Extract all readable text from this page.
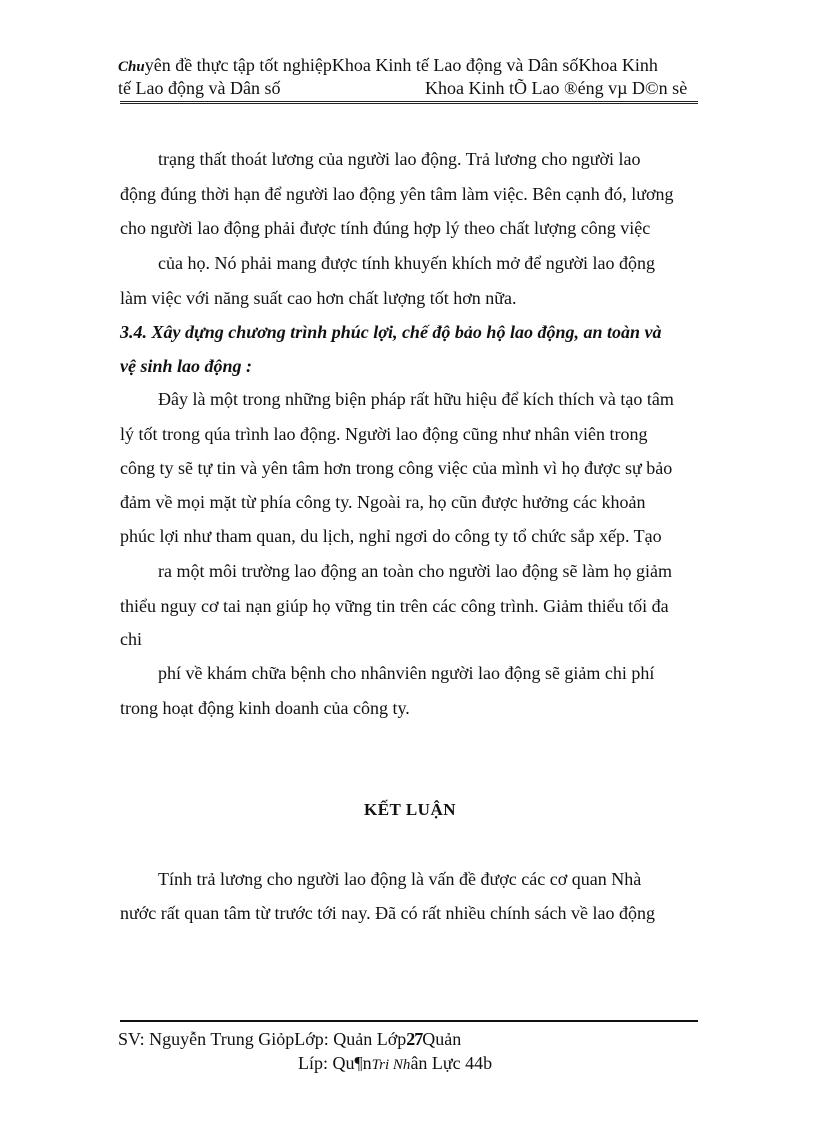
Chuyên đề thực tập tốt nghiệpKhoa Kinh tế Lao động và Dân sốKhoa Kinh
tế Lao động và Dân số	Khoa Kinh tÕ Lao ®éng vµ D©n sè
trạng thất thoát lương của người lao động. Trả lương cho người lao
động đúng thời hạn để người lao động yên tâm làm việc. Bên cạnh đó, lương
cho người lao động phải được tính đúng hợp lý theo chất lượng công việc
của họ. Nó phải mang được tính khuyến khích mở để người lao động
làm việc với năng suất cao hơn chất lượng tốt hơn nữa.
3.4. Xây dựng chương trình phúc lợi, chế độ bảo hộ lao động, an toàn và
vệ sinh lao động :
Đây là một trong những biện pháp rất hữu hiệu để kích thích và tạo tâm
lý tốt trong qúa trình lao động. Người lao động cũng như nhân viên trong
công ty sẽ tự tin và yên tâm hơn trong công việc của mình vì họ được sự bảo
đảm về mọi mặt từ phía công ty. Ngoài ra, họ cũn được hưởng các khoản
phúc lợi như tham quan, du lịch, nghỉ ngơi do công ty tổ chức sắp xếp. Tạo
ra một môi trường lao động an toàn cho người lao động sẽ làm họ giảm
thiểu nguy cơ tai nạn giúp họ vững tin trên các công trình. Giảm thiểu tối đa
chi
phí về khám chữa bệnh cho nhânviên người lao động sẽ giảm chi phí
trong hoạt động kinh doanh của công ty.
KẾT LUẬN
Tính trả lương cho người lao động là vấn đề được các cơ quan Nhà
nước rất quan tâm từ trước tới nay. Đã có rất nhiều chính sách về lao động
SV: Nguyễn Trung GiỏpLớp: Quản Lớp27Quản
Líp: Qu¶nTri Nhân Lực 44b
